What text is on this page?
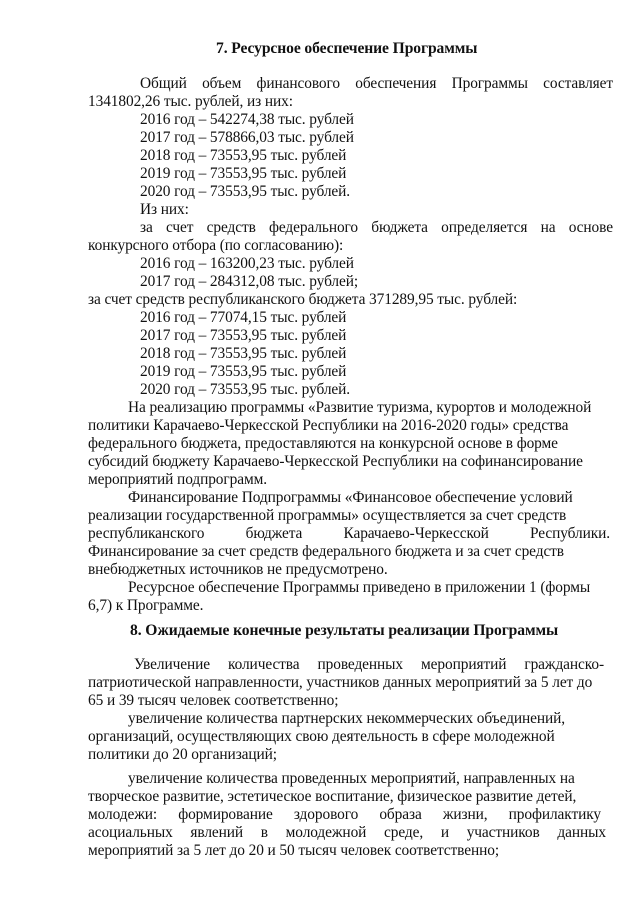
7. Ресурсное обеспечение Программы
Общий объем финансового обеспечения Программы составляет
1341802,26 тыс. рублей, из них:
2016 год – 542274,38 тыс. рублей
2017 год – 578866,03 тыс. рублей
2018 год – 73553,95 тыс. рублей
2019 год – 73553,95 тыс. рублей
2020 год – 73553,95 тыс. рублей.
Из них:
за счет средств федерального бюджета определяется на основе
конкурсного отбора (по согласованию):
2016 год – 163200,23 тыс. рублей
2017 год – 284312,08 тыс. рублей;
за счет средств республиканского бюджета 371289,95 тыс. рублей:
2016 год – 77074,15 тыс. рублей
2017 год – 73553,95 тыс. рублей
2018 год – 73553,95 тыс. рублей
2019 год – 73553,95 тыс. рублей
2020 год – 73553,95 тыс. рублей.
На реализацию программы «Развитие туризма, курортов и молодежной
политики Карачаево-Черкесской Республики на 2016-2020 годы» средства
федерального бюджета, предоставляются на конкурсной основе в форме
субсидий бюджету Карачаево-Черкесской Республики на софинансирование
мероприятий подпрограмм.
Финансирование Подпрограммы «Финансовое обеспечение условий
реализации государственной программы» осуществляется за счет средств
республиканского	бюджета	Карачаево-Черкесской	Республики.
Финансирование за счет средств федерального бюджета и за счет средств
внебюджетных источников не предусмотрено.
Ресурсное обеспечение Программы приведено в приложении 1 (формы
6,7) к Программе.
8. Ожидаемые конечные результаты реализации Программы
Увеличение количества проведенных мероприятий гражданско-
патриотической направленности, участников данных мероприятий за 5 лет до
65 и 39 тысяч человек соответственно;
увеличение количества партнерских некоммерческих объединений,
организаций, осуществляющих свою деятельность в сфере молодежной
политики до 20 организаций;
увеличение количества проведенных мероприятий, направленных на
творческое развитие, эстетическое воспитание, физическое развитие детей,
молодежи: формирование здорового образа жизни, профилактику
асоциальных явлений в молодежной среде, и участников данных
мероприятий за 5 лет до 20 и 50 тысяч человек соответственно;
